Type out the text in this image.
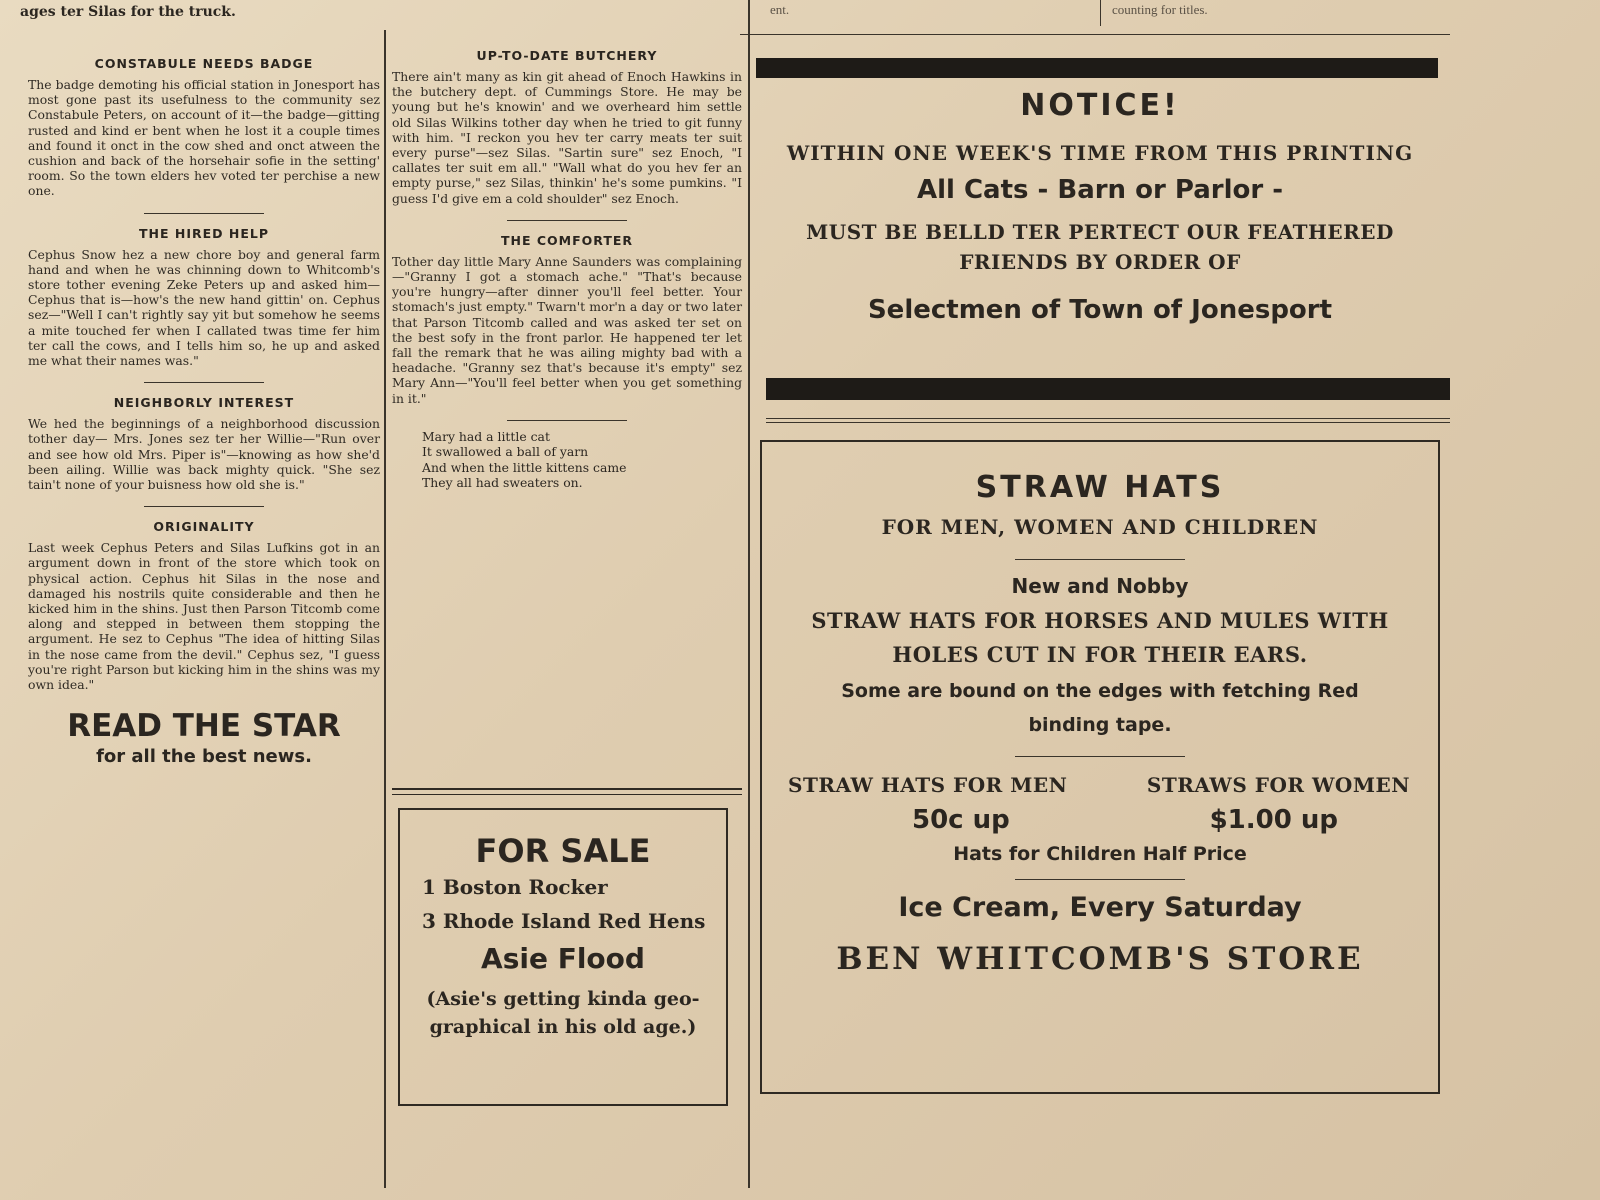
ages ter Silas for the truck.	ent.	counting for titles.
CONSTABULE NEEDS BADGE

The badge demoting his official station in Jonesport has most gone past its usefulness to the community sez Constabule Peters, on account of it—the badge—gitting rusted and kind er bent when he lost it a couple times and found it onct in the cow shed and onct atween the cushion and back of the horsehair sofie in the setting' room. So the town elders hev voted ter perchise a new one.

THE HIRED HELP

Cephus Snow hez a new chore boy and general farm hand and when he was chinning down to Whitcomb's store tother evening Zeke Peters up and asked him—Cephus that is—how's the new hand gittin' on. Cephus sez—"Well I can't rightly say yit but somehow he seems a mite touched fer when I callated twas time fer him ter call the cows, and I tells him so, he up and asked me what their names was."

NEIGHBORLY INTEREST

We hed the beginnings of a neighborhood discussion tother day— Mrs. Jones sez ter her Willie—"Run over and see how old Mrs. Piper is"—knowing as how she'd been ailing. Willie was back mighty quick. "She sez tain't none of your buisness how old she is."

ORIGINALITY

Last week Cephus Peters and Silas Lufkins got in an argument down in front of the store which took on physical action. Cephus hit Silas in the nose and damaged his nostrils quite considerable and then he kicked him in the shins. Just then Parson Titcomb come along and stepped in between them stopping the argument. He sez to Cephus "The idea of hitting Silas in the nose came from the devil." Cephus sez, "I guess you're right Parson but kicking him in the shins was my own idea."

READ THE STAR
for all the best news.
UP-TO-DATE BUTCHERY

There ain't many as kin git ahead of Enoch Hawkins in the butchery dept. of Cummings Store. He may be young but he's knowin' and we overheard him settle old Silas Wilkins tother day when he tried to git funny with him. "I reckon you hev ter carry meats ter suit every purse"—sez Silas. "Sartin sure" sez Enoch, "I callates ter suit em all." "Wall what do you hev fer an empty purse," sez Silas, thinkin' he's some pumkins. "I guess I'd give em a cold shoulder" sez Enoch.

THE COMFORTER

Tother day little Mary Anne Saunders was complaining—"Granny I got a stomach ache." "That's because you're hungry—after dinner you'll feel better. Your stomach's just empty." Twarn't mor'n a day or two later that Parson Titcomb called and was asked ter set on the best sofy in the front parlor. He happened ter let fall the remark that he was ailing mighty bad with a headache. "Granny sez that's because it's empty" sez Mary Ann—"You'll feel better when you get something in it."

Mary had a little cat
It swallowed a ball of yarn
And when the little kittens came
They all had sweaters on.
FOR SALE
1 Boston Rocker
3 Rhode Island Red Hens
Asie Flood
(Asie's getting kinda geo-
graphical in his old age.)
NOTICE!
WITHIN ONE WEEK'S TIME FROM THIS PRINTING
All Cats - Barn or Parlor -
MUST BE BELLD TER PERTECT OUR FEATHERED
FRIENDS BY ORDER OF
Selectmen of Town of Jonesport
STRAW HATS
FOR MEN, WOMEN AND CHILDREN
New and Nobby
STRAW HATS FOR HORSES AND MULES WITH
HOLES CUT IN FOR THEIR EARS.
Some are bound on the edges with fetching Red
binding tape.
STRAW HATS FOR MEN	STRAWS FOR WOMEN
50c up	$1.00 up
Hats for Children Half Price
Ice Cream, Every Saturday
BEN WHITCOMB'S STORE
